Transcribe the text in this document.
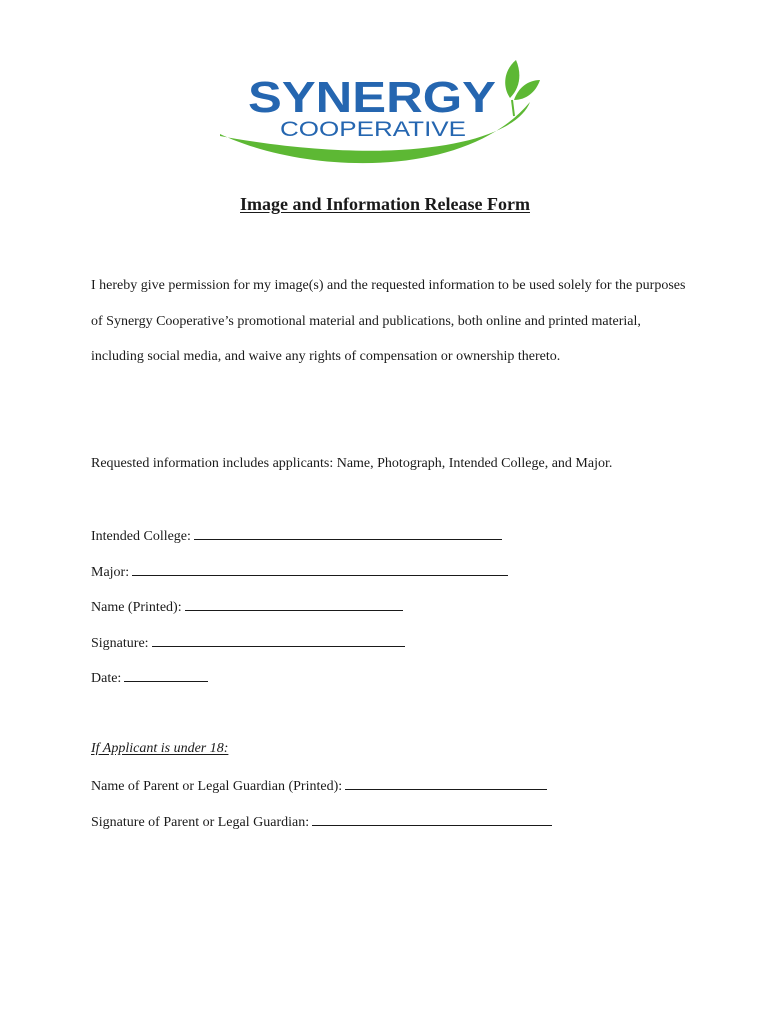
SYNERGY
COOPERATIVE
Image and Information Release Form

I hereby give permission for my image(s) and the requested information to be used solely for the purposes of Synergy Cooperative’s promotional material and publications, both online and printed material, including social media, and waive any rights of compensation or ownership thereto.

Requested information includes applicants: Name, Photograph, Intended College, and Major.

Intended College:
Major:
Name (Printed):
Signature:
Date:

If Applicant is under 18:

Name of Parent or Legal Guardian (Printed):
Signature of Parent or Legal Guardian:
